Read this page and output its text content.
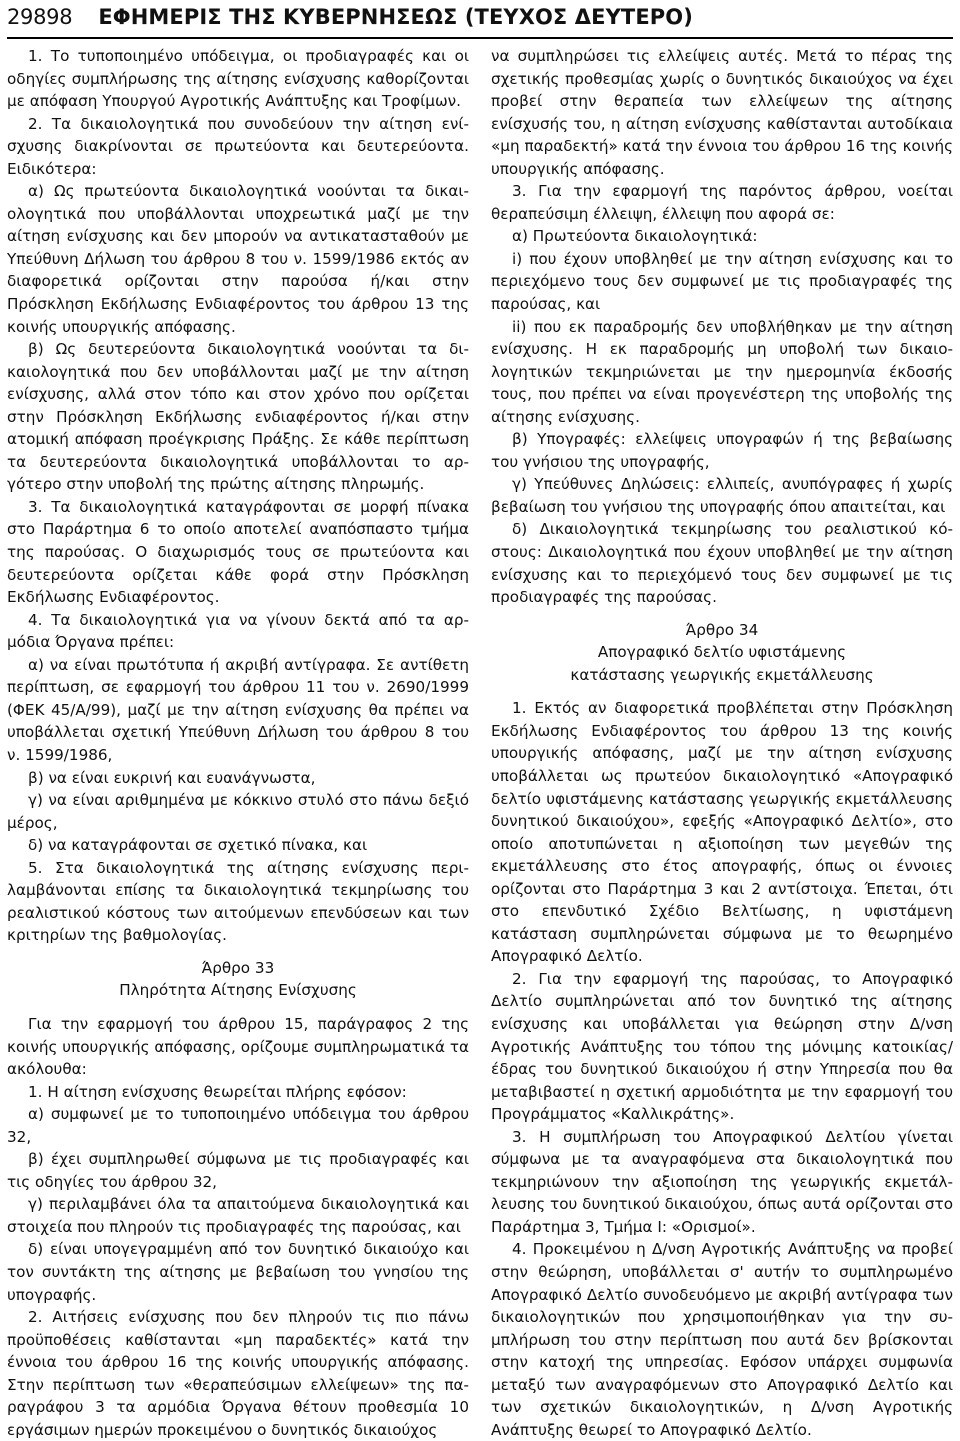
29898 ΕΦΗΜΕΡΙΣ ΤΗΣ ΚΥΒΕΡΝΗΣΕΩΣ (ΤΕΥΧΟΣ ΔΕΥΤΕΡΟ)

1. Το τυποποιημένο υπόδειγμα, οι προδιαγραφές και οι οδηγίες συμπλήρωσης της αίτησης ενίσχυσης καθορίζονται με απόφαση Υπουργού Αγροτικής Ανάπτυξης και Τροφίμων.

2. Τα δικαιολογητικά που συνοδεύουν την αίτηση ενίσχυσης διακρίνονται σε πρωτεύοντα και δευτερεύοντα. Ειδικότερα:

α) Ως πρωτεύοντα δικαιολογητικά νοούνται τα δικαιολογητικά που υποβάλλονται υποχρεωτικά μαζί με την αίτηση ενίσχυσης και δεν μπορούν να αντικατασταθούν με Υπεύθυνη Δήλωση του άρθρου 8 του ν. 1599/1986 εκτός αν διαφορετικά ορίζονται στην παρούσα ή/και στην Πρόσκληση Εκδήλωσης Ενδιαφέροντος του άρθρου 13 της κοινής υπουργικής απόφασης.

β) Ως δευτερεύοντα δικαιολογητικά νοούνται τα δικαιολογητικά που δεν υποβάλλονται μαζί με την αίτηση ενίσχυσης, αλλά στον τόπο και στον χρόνο που ορίζεται στην Πρόσκληση Εκδήλωσης ενδιαφέροντος ή/και στην ατομική απόφαση προέγκρισης Πράξης. Σε κάθε περίπτωση τα δευτερεύοντα δικαιολογητικά υποβάλλονται το αργότερο στην υποβολή της πρώτης αίτησης πληρωμής.

3. Τα δικαιολογητικά καταγράφονται σε μορφή πίνακα στο Παράρτημα 6 το οποίο αποτελεί αναπόσπαστο τμήμα της παρούσας. Ο διαχωρισμός τους σε πρωτεύοντα και δευτερεύοντα ορίζεται κάθε φορά στην Πρόσκληση Εκδήλωσης Ενδιαφέροντος.

4. Τα δικαιολογητικά για να γίνουν δεκτά από τα αρμόδια Όργανα πρέπει:

α) να είναι πρωτότυπα ή ακριβή αντίγραφα. Σε αντίθετη περίπτωση, σε εφαρμογή του άρθρου 11 του ν. 2690/1999 (ΦΕΚ 45/Α/99), μαζί με την αίτηση ενίσχυσης θα πρέπει να υποβάλλεται σχετική Υπεύθυνη Δήλωση του άρθρου 8 του ν. 1599/1986,

β) να είναι ευκρινή και ευανάγνωστα,

γ) να είναι αριθμημένα με κόκκινο στυλό στο πάνω δεξιό μέρος,

δ) να καταγράφονται σε σχετικό πίνακα, και

5. Στα δικαιολογητικά της αίτησης ενίσχυσης περιλαμβάνονται επίσης τα δικαιολογητικά τεκμηρίωσης του ρεαλιστικού κόστους των αιτούμενων επενδύσεων και των κριτηρίων της βαθμολογίας.

Άρθρο 33
Πληρότητα Αίτησης Ενίσχυσης

Για την εφαρμογή του άρθρου 15, παράγραφος 2 της κοινής υπουργικής απόφασης, ορίζουμε συμπληρωματικά τα ακόλουθα:

1. Η αίτηση ενίσχυσης θεωρείται πλήρης εφόσον:

α) συμφωνεί με το τυποποιημένο υπόδειγμα του άρθρου 32,

β) έχει συμπληρωθεί σύμφωνα με τις προδιαγραφές και τις οδηγίες του άρθρου 32,

γ) περιλαμβάνει όλα τα απαιτούμενα δικαιολογητικά και στοιχεία που πληρούν τις προδιαγραφές της παρούσας, και

δ) είναι υπογεγραμμένη από τον δυνητικό δικαιούχο και τον συντάκτη της αίτησης με βεβαίωση του γνησίου της υπογραφής.

2. Αιτήσεις ενίσχυσης που δεν πληρούν τις πιο πάνω προϋποθέσεις καθίστανται «μη παραδεκτές» κατά την έννοια του άρθρου 16 της κοινής υπουργικής απόφασης. Στην περίπτωση των «θεραπεύσιμων ελλείψεων» της παραγράφου 3 τα αρμόδια Όργανα θέτουν προθεσμία 10 εργάσιμων ημερών προκειμένου ο δυνητικός δικαιούχος

να συμπληρώσει τις ελλείψεις αυτές. Μετά το πέρας της σχετικής προθεσμίας χωρίς ο δυνητικός δικαιούχος να έχει προβεί στην θεραπεία των ελλείψεων της αίτησης ενίσχυσής του, η αίτηση ενίσχυσης καθίστανται αυτοδίκαια «μη παραδεκτή» κατά την έννοια του άρθρου 16 της κοινής υπουργικής απόφασης.

3. Για την εφαρμογή της παρόντος άρθρου, νοείται θεραπεύσιμη έλλειψη, έλλειψη που αφορά σε:

α) Πρωτεύοντα δικαιολογητικά:

i) που έχουν υποβληθεί με την αίτηση ενίσχυσης και το περιεχόμενο τους δεν συμφωνεί με τις προδιαγραφές της παρούσας, και

ii) που εκ παραδρομής δεν υποβλήθηκαν με την αίτηση ενίσχυσης. Η εκ παραδρομής μη υποβολή των δικαιολογητικών τεκμηριώνεται με την ημερομηνία έκδοσής τους, που πρέπει να είναι προγενέστερη της υποβολής της αίτησης ενίσχυσης.

β) Υπογραφές: ελλείψεις υπογραφών ή της βεβαίωσης του γνήσιου της υπογραφής,

γ) Υπεύθυνες Δηλώσεις: ελλιπείς, ανυπόγραφες ή χωρίς βεβαίωση του γνήσιου της υπογραφής όπου απαιτείται, και

δ) Δικαιολογητικά τεκμηρίωσης του ρεαλιστικού κόστους: Δικαιολογητικά που έχουν υποβληθεί με την αίτηση ενίσχυσης και το περιεχόμενό τους δεν συμφωνεί με τις προδιαγραφές της παρούσας.

Άρθρο 34
Απογραφικό δελτίο υφιστάμενης κατάστασης γεωργικής εκμετάλλευσης

1. Εκτός αν διαφορετικά προβλέπεται στην Πρόσκληση Εκδήλωσης Ενδιαφέροντος του άρθρου 13 της κοινής υπουργικής απόφασης, μαζί με την αίτηση ενίσχυσης υποβάλλεται ως πρωτεύον δικαιολογητικό «Απογραφικό δελτίο υφιστάμενης κατάστασης γεωργικής εκμετάλλευσης δυνητικού δικαιούχου», εφεξής «Απογραφικό Δελτίο», στο οποίο αποτυπώνεται η αξιοποίηση των μεγεθών της εκμετάλλευσης στο έτος απογραφής, όπως οι έννοιες ορίζονται στο Παράρτημα 3 και 2 αντίστοιχα. Έπεται, ότι στο επενδυτικό Σχέδιο Βελτίωσης, η υφιστάμενη κατάσταση συμπληρώνεται σύμφωνα με το θεωρημένο Απογραφικό Δελτίο.

2. Για την εφαρμογή της παρούσας, το Απογραφικό Δελτίο συμπληρώνεται από τον δυνητικό της αίτησης ενίσχυσης και υποβάλλεται για θεώρηση στην Δ/νση Αγροτικής Ανάπτυξης του τόπου της μόνιμης κατοικίας/έδρας του δυνητικού δικαιούχου ή στην Υπηρεσία που θα μεταβιβαστεί η σχετική αρμοδιότητα με την εφαρμογή του Προγράμματος «Καλλικράτης».

3. Η συμπλήρωση του Απογραφικού Δελτίου γίνεται σύμφωνα με τα αναγραφόμενα στα δικαιολογητικά που τεκμηριώνουν την αξιοποίηση της γεωργικής εκμετάλλευσης του δυνητικού δικαιούχου, όπως αυτά ορίζονται στο Παράρτημα 3, Τμήμα Ι: «Ορισμοί».

4. Προκειμένου η Δ/νση Αγροτικής Ανάπτυξης να προβεί στην θεώρηση, υποβάλλεται σ' αυτήν το συμπληρωμένο Απογραφικό Δελτίο συνοδευόμενο με ακριβή αντίγραφα των δικαιολογητικών που χρησιμοποιήθηκαν για την συμπλήρωση του στην περίπτωση που αυτά δεν βρίσκονται στην κατοχή της υπηρεσίας. Εφόσον υπάρχει συμφωνία μεταξύ των αναγραφόμενων στο Απογραφικό Δελτίο και των σχετικών δικαιολογητικών, η Δ/νση Αγροτικής Ανάπτυξης θεωρεί το Απογραφικό Δελτίο.
